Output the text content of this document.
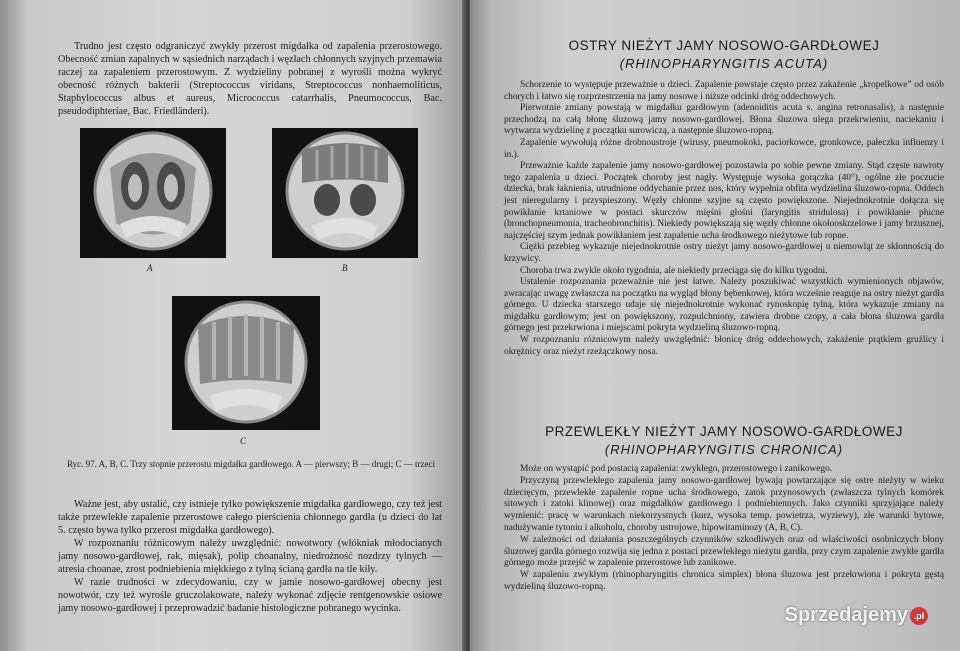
Trudno jest często odgraniczyć zwykły przerost migdałka od zapalenia przerostowego. Obecność zmian zapalnych w sąsiednich narządach i węzłach chłonnych szyjnych przemawia raczej za zapaleniem przerostowym. Z wydzieliny pobranej z wyrośli można wykryć obecność różnych bakterii (Streptococcus viridans, Streptococcus nonhaemoliticus, Staphylococcus albus et aureus, Micrococcus catarrhalis, Pneumococcus, Bac. pseudodiphteriae, Bac. Friedländeri).

A	B
C
Ryc. 97. A, B, C. Trzy stopnie przerostu migdałka gardłowego. A — pierwszy; B — drugi; C — trzeci

Ważne jest, aby ustalić, czy istnieje tylko powiększenie migdałka gardłowego, czy też jest także przewlekłe zapalenie przerostowe całego pierścienia chłonnego gardła (u dzieci do lat 5. często bywa tylko przerost migdałka gardłowego).

W rozpoznaniu różnicowym należy uwzględnić: nowotwory (włókniak młodocianych jamy nosowo-gardłowej, rak, mięsak), polip choanalny, niedrożność nozdrzy tylnych — atresia choanae, zrost podniebienia miękkiego z tylną ścianą gardła na tle kiły.

W razie trudności w zdecydowaniu, czy w jamie nosowo-gardłowej obecny jest nowotwór, czy też wyrośle gruczolakowate, należy wykonać zdjęcie rentgenowskie osiowe jamy nosowo-gardłowej i przeprowadzić badanie histologiczne pobranego wycinka.

OSTRY NIEŻYT JAMY NOSOWO-GARDŁOWEJ
(RHINOPHARYNGITIS ACUTA)

Schorzenie to występuje przeważnie u dzieci. Zapalenie powstaje często przez zakażenie „kropelkowe” od osób chorych i łatwo się rozprzestrzenia na jamy nosowe i niższe odcinki dróg oddechowych.

Pierwotnie zmiany powstają w migdałku gardłowym (adenoiditis acuta s. angina retronasalis), a następnie przechodzą na całą błonę śluzową jamy nosowo-gardłowej. Błona śluzowa ulega przekrwieniu, naciekaniu i wytwarza wydzielinę z początku surowiczą, a następnie śluzowo-ropną.

Zapalenie wywołują różne drobnoustroje (wirusy, pneumokoki, paciorkowce, gronkowce, pałeczka influenzy i in.).

Przeważnie każde zapalenie jamy nosowo-gardłowej pozostawia po sobie pewne zmiany. Stąd częste nawroty tego zapalenia u dzieci. Początek choroby jest nagły. Występuje wysoka gorączka (40°), ogólne złe poczucie dziecka, brak łaknienia, utrudnione oddychanie przez nos, który wypełnia obfita wydzielina śluzowo-ropna. Oddech jest nieregularny i przyspieszony. Węzły chłonne szyjne są często powiększone. Niejednokrotnie dołącza się powikłanie krtaniowe w postaci skurczów mięśni głośni (laryngitis stridulosa) i powikłanie płucne (bronchopneumonia, tracheobronchitis). Niekiedy powiększają się węzły chłonne okołooskrzelowe i jamy brzusznej, najczęściej szym jednak powikłaniem jest zapalenie ucha środkowego nieżytowe lub ropne.

Ciężki przebieg wykazuje niejednokrotnie ostry nieżyt jamy nosowo-gardłowej u niemowląt ze skłonnością do krzywicy.

Choroba trwa zwykle około tygodnia, ale niekiedy przeciąga się do kilku tygodni.

Ustalenie rozpoznania przeważnie nie jest łatwe. Należy poszukiwać wszystkich wymienionych objawów, zwracając uwagę zwłaszcza na początku na wygląd błony bębenkowej, która wcześnie reaguje na ostry nieżyt gardła górnego. U dziecka starszego udaje się niejednokrotnie wykonać rynoskopię tylną, która wykazuje zmiany na migdałku gardłowym; jest on powiększony, rozpulchniony, zawiera drobne czopy, a cała błona śluzowa gardła górnego jest przekrwiona i miejscami pokryta wydzieliną śluzowo-ropną.

W rozpoznaniu różnicowym należy uwzględnić: błonicę dróg oddechowych, zakażenie prątkiem gruźlicy i okrężnicy oraz nieżyt rzeżączkowy nosa.

PRZEWLEKŁY NIEŻYT JAMY NOSOWO-GARDŁOWEJ
(RHINOPHARYNGITIS CHRONICA)

Może on wystąpić pod postacią zapalenia: zwykłego, przerostowego i zanikowego.

Przyczyną przewlekłego zapalenia jamy nosowo-gardłowej bywają powtarzające się ostre nieżyty w wieku dziecięcym, przewlekłe zapalenie ropne ucha środkowego, zatok przynosowych (zwłaszcza tylnych komórek sitowych i zatoki klinowej) oraz migdałków gardłowego i podniebiennych. Jako czynniki sprzyjające należy wymienić: pracę w warunkach niekorzystnych (kurz, wysoka temp. powietrza, wyziewy), złe warunki bytowe, nadużywanie tytoniu i alkoholu, choroby ustrojowe, hipowitaminozy (A, B, C).

W zależności od działania poszczególnych czynników szkodliwych oraz od właściwości osobniczych błony śluzowej gardła górnego rozwija się jedna z postaci przewlekłego nieżytu gardła, przy czym zapalenie zwykłe gardła górnego może przejść w zapalenie przerostowe lub zanikowe.

W zapaleniu zwykłym (rhinopharyngitis chronica simplex) błona śluzowa jest przekrwiona i pokryta gęstą wydzieliną śluzowo-ropną.

Sprzedajemy .pl
